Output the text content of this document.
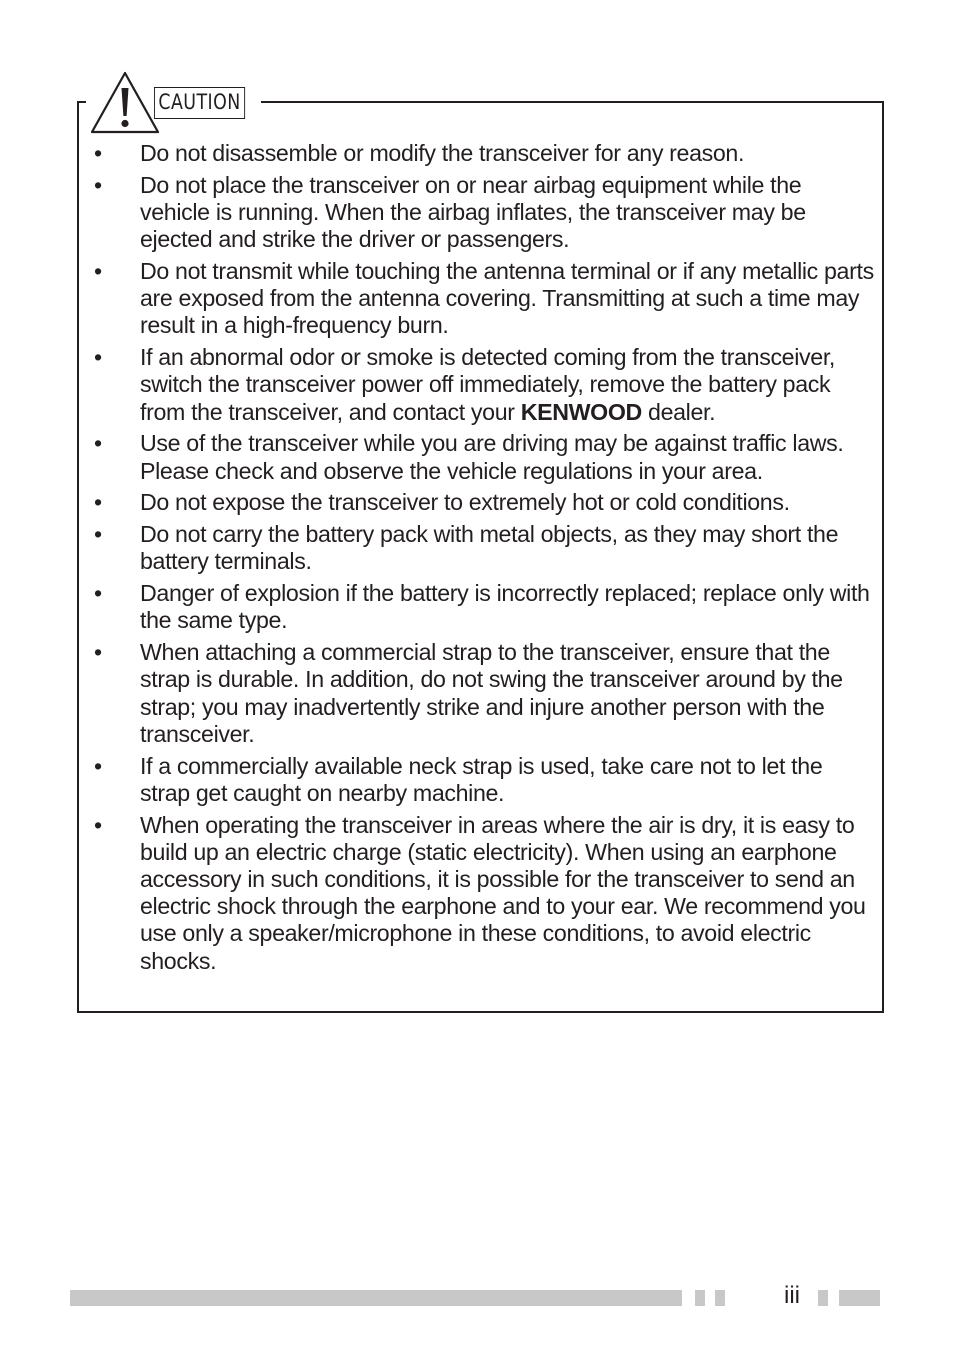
CAUTION
• Do not disassemble or modify the transceiver for any reason.
• Do not place the transceiver on or near airbag equipment while the vehicle is running. When the airbag inflates, the transceiver may be ejected and strike the driver or passengers.
• Do not transmit while touching the antenna terminal or if any metallic parts are exposed from the antenna covering. Transmitting at such a time may result in a high-frequency burn.
• If an abnormal odor or smoke is detected coming from the transceiver, switch the transceiver power off immediately, remove the battery pack from the transceiver, and contact your KENWOOD dealer.
• Use of the transceiver while you are driving may be against traffic laws. Please check and observe the vehicle regulations in your area.
• Do not expose the transceiver to extremely hot or cold conditions.
• Do not carry the battery pack with metal objects, as they may short the battery terminals.
• Danger of explosion if the battery is incorrectly replaced; replace only with the same type.
• When attaching a commercial strap to the transceiver, ensure that the strap is durable. In addition, do not swing the transceiver around by the strap; you may inadvertently strike and injure another person with the transceiver.
• If a commercially available neck strap is used, take care not to let the strap get caught on nearby machine.
• When operating the transceiver in areas where the air is dry, it is easy to build up an electric charge (static electricity). When using an earphone accessory in such conditions, it is possible for the transceiver to send an electric shock through the earphone and to your ear. We recommend you use only a speaker/microphone in these conditions, to avoid electric shocks.
iii
